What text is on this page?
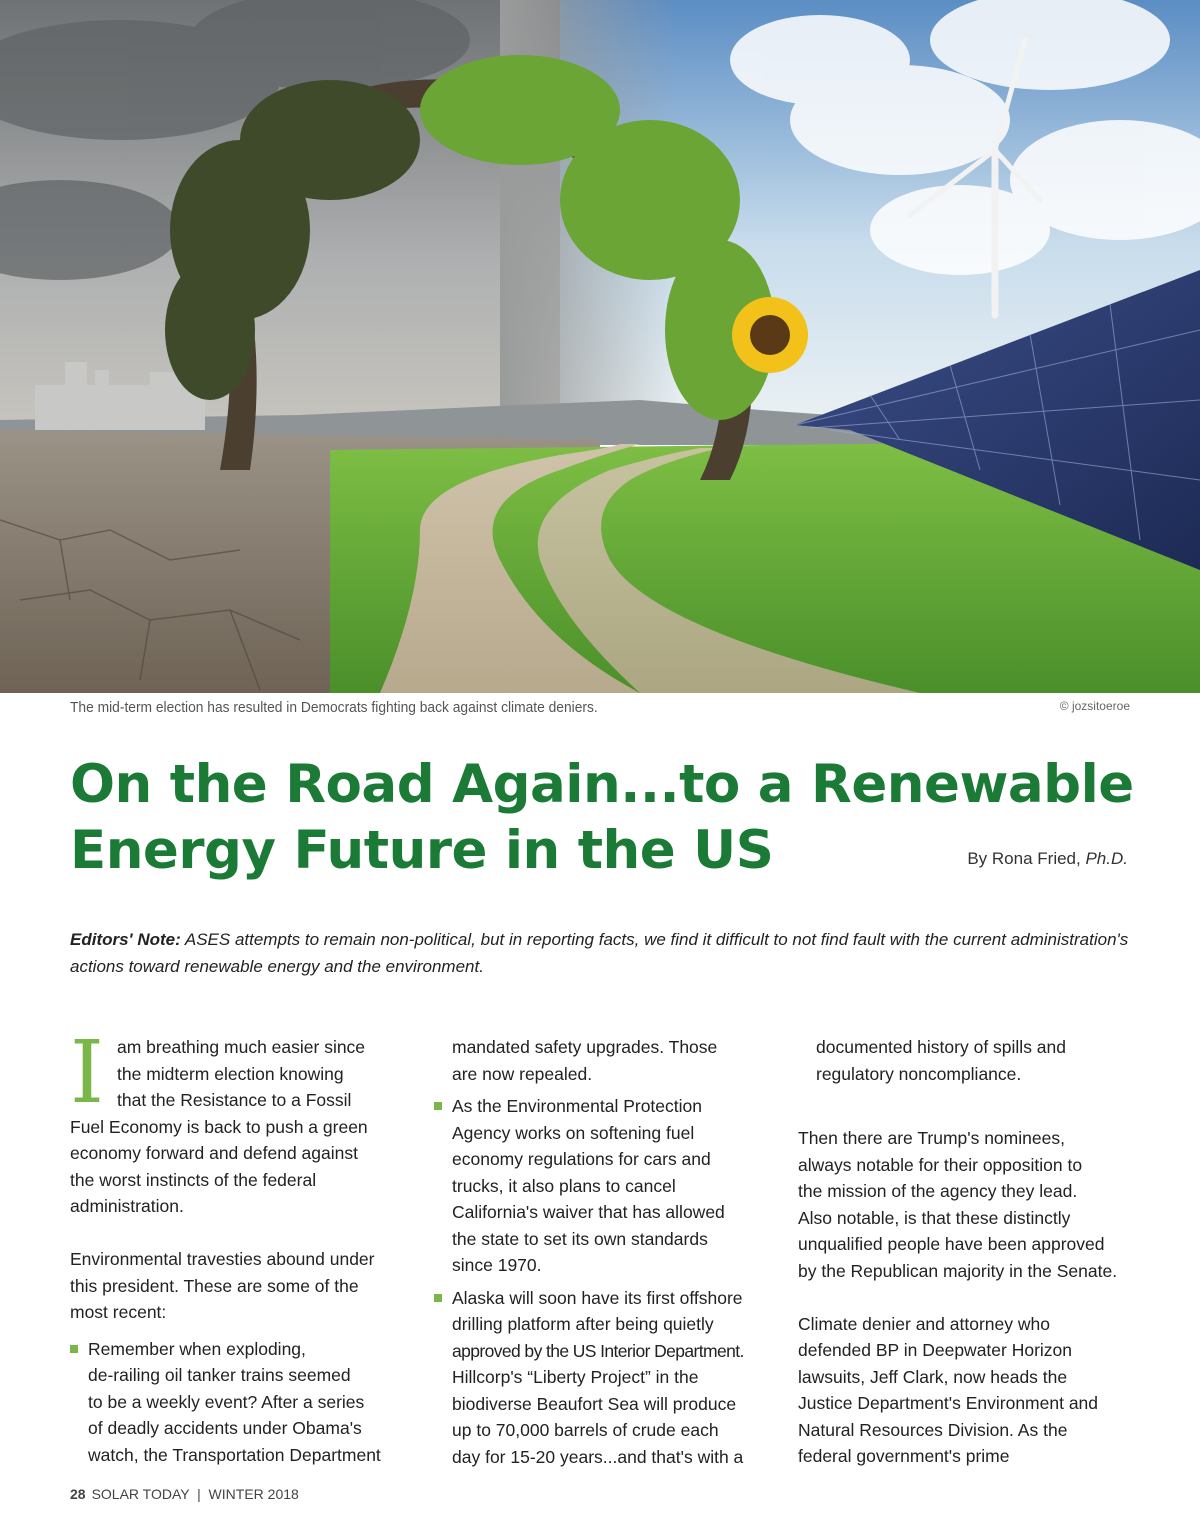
The mid-term election has resulted in Democrats fighting back against climate deniers.	© jozsitoeroe
On the Road Again...to a Renewable
Energy Future in the US	By Rona Fried, Ph.D.

Editors' Note: ASES attempts to remain non-political, but in reporting facts, we find it difficult to not find fault with the current administration's actions toward renewable energy and the environment.

I am breathing much easier since
the midterm election knowing
that the Resistance to a Fossil
Fuel Economy is back to push a green
economy forward and defend against
the worst instincts of the federal
administration.
Environmental travesties abound under
this president. These are some of the
most recent:
Remember when exploding,
de-railing oil tanker trains seemed
to be a weekly event? After a series
of deadly accidents under Obama's
watch, the Transportation Department
mandated safety upgrades. Those
are now repealed.
As the Environmental Protection
Agency works on softening fuel
economy regulations for cars and
trucks, it also plans to cancel
California's waiver that has allowed
the state to set its own standards
since 1970.
Alaska will soon have its first offshore
drilling platform after being quietly
approved by the US Interior Department.
Hillcorp's “Liberty Project” in the
biodiverse Beaufort Sea will produce
up to 70,000 barrels of crude each
day for 15-20 years...and that's with a
documented history of spills and
regulatory noncompliance.
Then there are Trump's nominees,
always notable for their opposition to
the mission of the agency they lead.
Also notable, is that these distinctly
unqualified people have been approved
by the Republican majority in the Senate.
Climate denier and attorney who
defended BP in Deepwater Horizon
lawsuits, Jeff Clark, now heads the
Justice Department's Environment and
Natural Resources Division. As the
federal government's prime
28 SOLAR TODAY  |  WINTER 2018
